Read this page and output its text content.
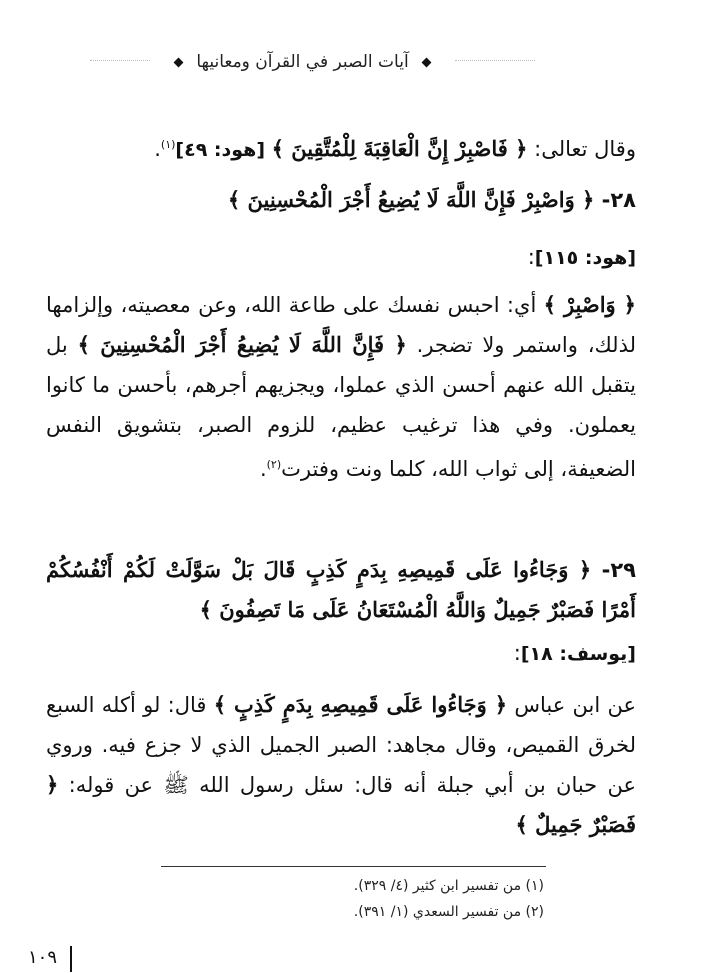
آيات الصبر في القرآن ومعانيها
وقال تعالى: ﴿ فَاصْبِرْ إِنَّ الْعَاقِبَةَ لِلْمُتَّقِينَ ﴾ [هود: ٤٩]$^{(١)}$.
٢٨- ﴿ وَاصْبِرْ فَإِنَّ اللَّهَ لَا يُضِيعُ أَجْرَ الْمُحْسِنِينَ ﴾
[هود: ١١٥]:
﴿ وَاصْبِرْ ﴾ أي: احبس نفسك على طاعة الله، وعن معصيته، وإلزامها لذلك، واستمر ولا تضجر. ﴿ فَإِنَّ اللَّهَ لَا يُضِيعُ أَجْرَ الْمُحْسِنِينَ ﴾ بل يتقبل الله عنهم أحسن الذي عملوا، ويجزيهم أجرهم، بأحسن ما كانوا يعملون. وفي هذا ترغيب عظيم، للزوم الصبر، بتشويق النفس الضعيفة، إلى ثواب الله، كلما ونت وفترت$^{(٢)}$.
٢٩- ﴿ وَجَاءُوا عَلَى قَمِيصِهِ بِدَمٍ كَذِبٍ قَالَ بَلْ سَوَّلَتْ لَكُمْ أَنْفُسُكُمْ أَمْرًا فَصَبْرٌ جَمِيلٌ وَاللَّهُ الْمُسْتَعَانُ عَلَى مَا تَصِفُونَ ﴾
[يوسف: ١٨]:
عن ابن عباس ﴿ وَجَاءُوا عَلَى قَمِيصِهِ بِدَمٍ كَذِبٍ ﴾ قال: لو أكله السبع لخرق القميص، وقال مجاهد: الصبر الجميل الذي لا جزع فيه. وروي عن حبان بن أبي جبلة أنه قال: سئل رسول الله ﷺ عن قوله: ﴿ فَصَبْرٌ جَمِيلٌ ﴾
(١) من تفسير ابن كثير (٤/ ٣٢٩).
(٢) من تفسير السعدي (١/ ٣٩١).
١٠٩
